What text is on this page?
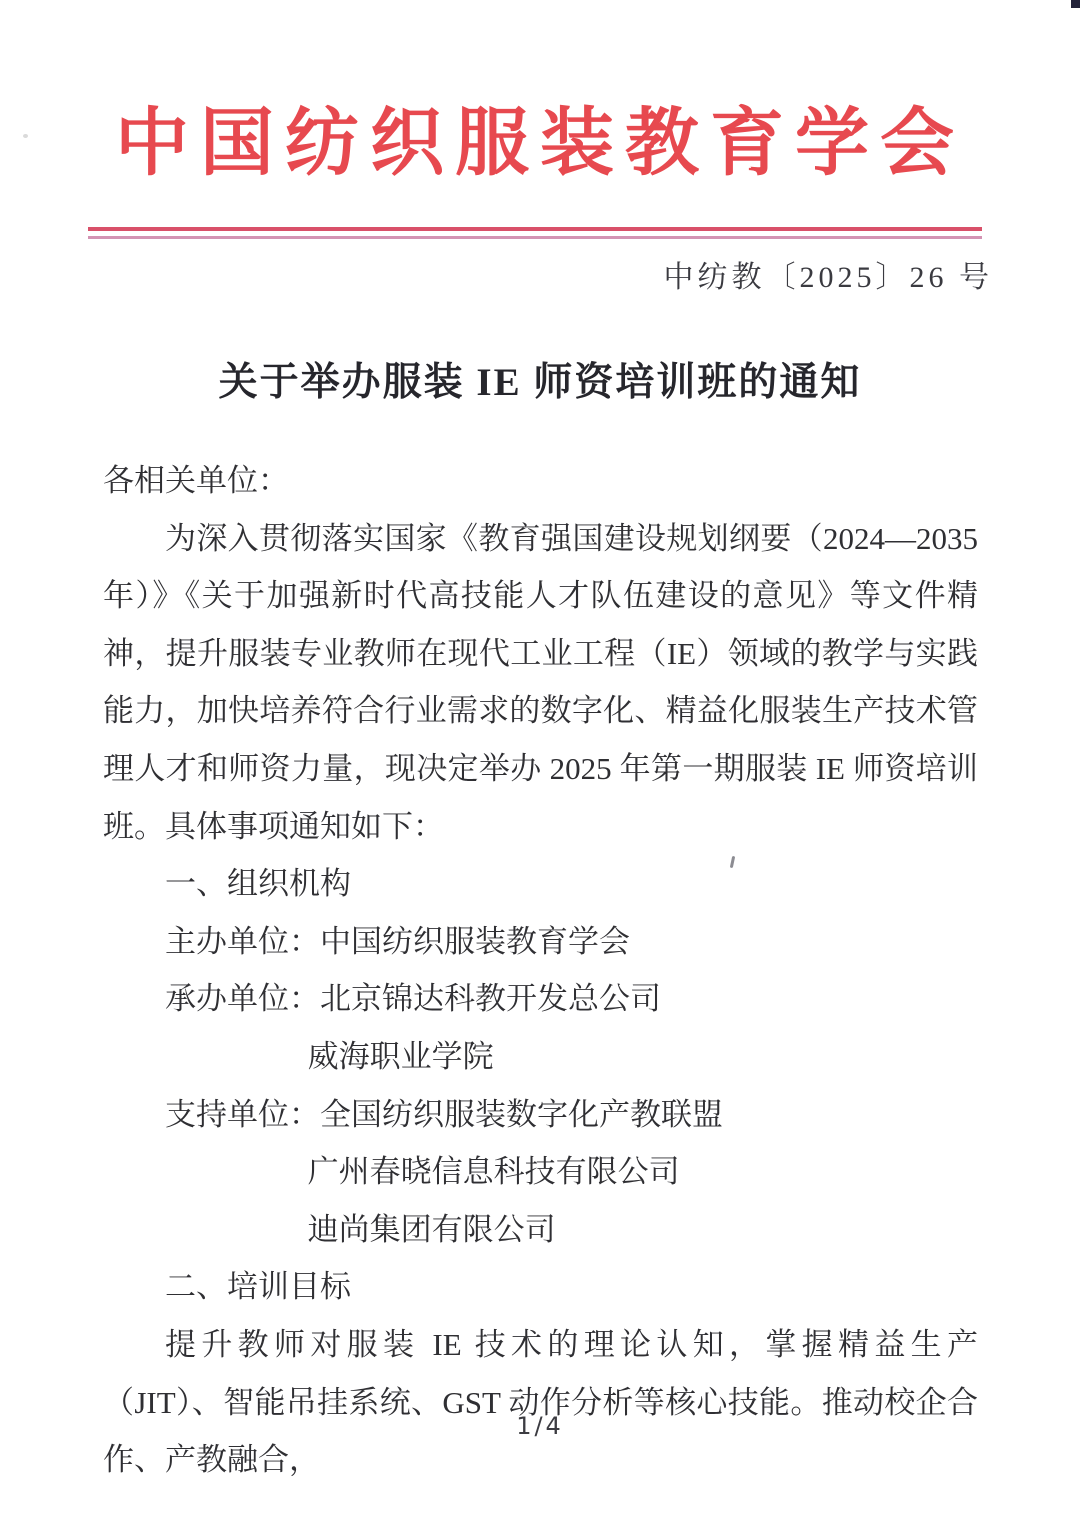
中国纺织服装教育学会
中纺教〔2025〕26 号
关于举办服装 IE 师资培训班的通知

各相关单位：

为深入贯彻落实国家《教育强国建设规划纲要（2024—2035 年）》《关于加强新时代高技能人才队伍建设的意见》等文件精神，提升服装专业教师在现代工业工程（IE）领域的教学与实践能力，加快培养符合行业需求的数字化、精益化服装生产技术管理人才和师资力量，现决定举办 2025 年第一期服装 IE 师资培训班。具体事项通知如下：

一、组织机构

主办单位：中国纺织服装教育学会

承办单位：北京锦达科教开发总公司

威海职业学院

支持单位：全国纺织服装数字化产教联盟

广州春晓信息科技有限公司

迪尚集团有限公司

二、培训目标

提升教师对服装 IE 技术的理论认知，掌握精益生产（JIT）、智能吊挂系统、GST 动作分析等核心技能。推动校企合作、产教融合，

1/4
